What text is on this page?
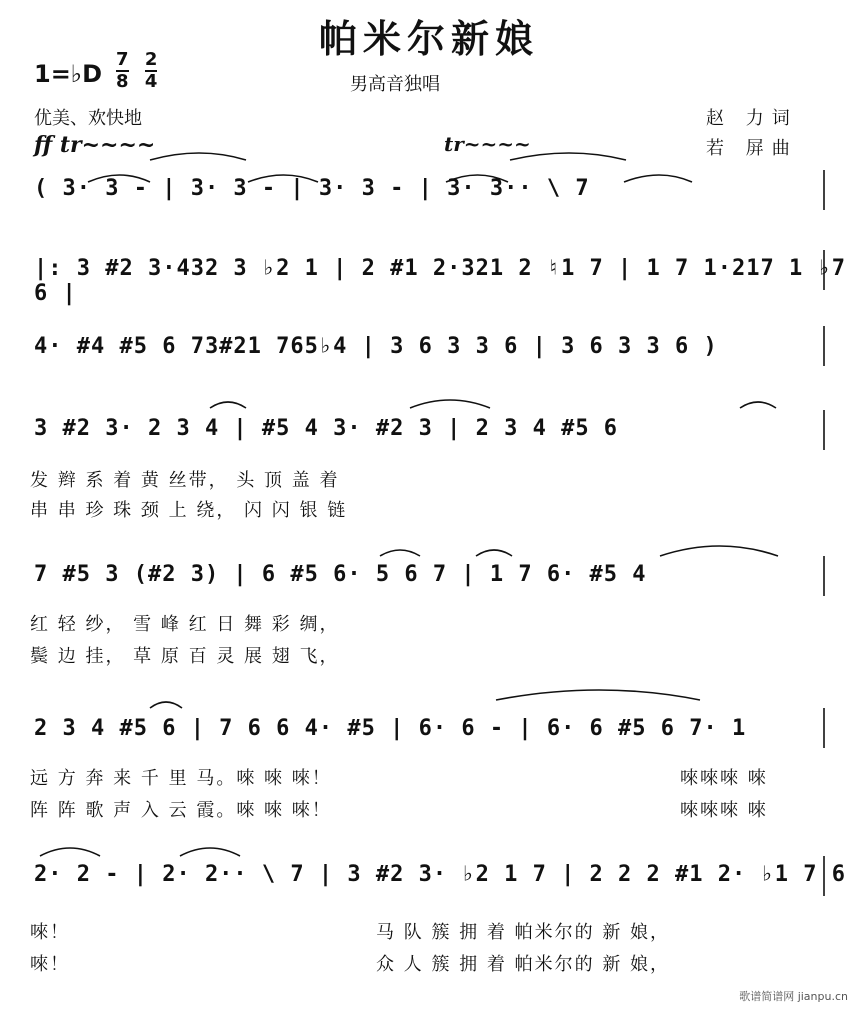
帕米尔新娘
1=♭D $\frac{7}{8}$
$\frac{2}{4}$	男高音独唱
优美、欢快地	赵 力词
若 屏曲
ff tr~~~~	tr~~~~
( 3· 3 - | 3· 3 - | 3· 3 - | 3· 3·· \ 7
|: 3 #2 3·432 3 ♭2 1 | 2 #1 2·321 2 ♮1 7 | 1 7 1·217 1 ♭7 6 |
4· #4 #5 6 73#21 765♭4 | 3 6 3 3 6 | 3 6 3 3 6 )
3 #2 3· 2 3 4 | #5 4 3· #2 3 | 2 3 4 #5 6
发 辫 系 着 黄 丝带， 头 顶 盖 着
串 串 珍 珠 颈 上 绕， 闪 闪 银 链
7 #5 3 (#2 3) | 6 #5 6· 5 6 7 | 1 7 6· #5 4
红 轻 纱， 雪 峰 红 日 舞 彩 绸，
鬓 边 挂， 草 原 百 灵 展 翅 飞，
2 3 4 #5 6 | 7 6 6 4· #5 | 6· 6 - | 6· 6 #5 6 7· 1
远 方 奔 来 千 里 马。唻 唻 唻！
阵 阵 歌 声 入 云 霞。唻 唻 唻！
唻唻唻 唻
唻唻唻 唻
2· 2 - | 2· 2·· \ 7 | 3 #2 3· ♭2 1 7 | 2 2 2 #1 2· ♭1 7 6
唻！
唻！
马 队 簇 拥 着 帕米尔的 新 娘，
众 人 簇 拥 着 帕米尔的 新 娘，
歌谱简谱网 jianpu.cn
